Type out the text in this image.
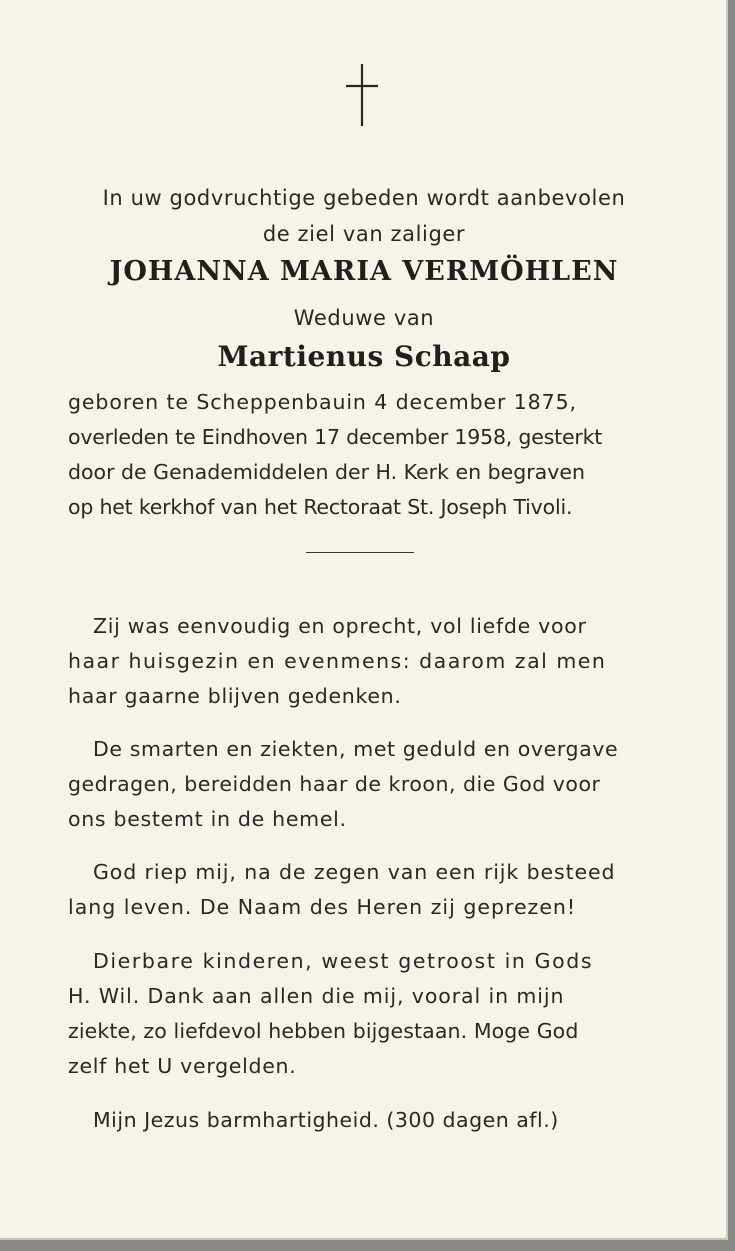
In uw godvruchtige gebeden wordt aanbevolen
de ziel van zaliger
JOHANNA MARIA VERMÖHLEN
Weduwe van
Martienus Schaap
geboren te Scheppenbauin 4 december 1875,
overleden te Eindhoven 17 december 1958, gesterkt
door de Genademiddelen der H. Kerk en begraven
op het kerkhof van het Rectoraat St. Joseph Tivoli.
Zij was eenvoudig en oprecht, vol liefde voor
haar huisgezin en evenmens: daarom zal men
haar gaarne blijven gedenken.
De smarten en ziekten, met geduld en overgave
gedragen, bereidden haar de kroon, die God voor
ons bestemt in de hemel.
God riep mij, na de zegen van een rijk besteed
lang leven. De Naam des Heren zij geprezen!
Dierbare kinderen, weest getroost in Gods
H. Wil. Dank aan allen die mij, vooral in mijn
ziekte, zo liefdevol hebben bijgestaan. Moge God
zelf het U vergelden.
Mijn Jezus barmhartigheid. (300 dagen afl.)
